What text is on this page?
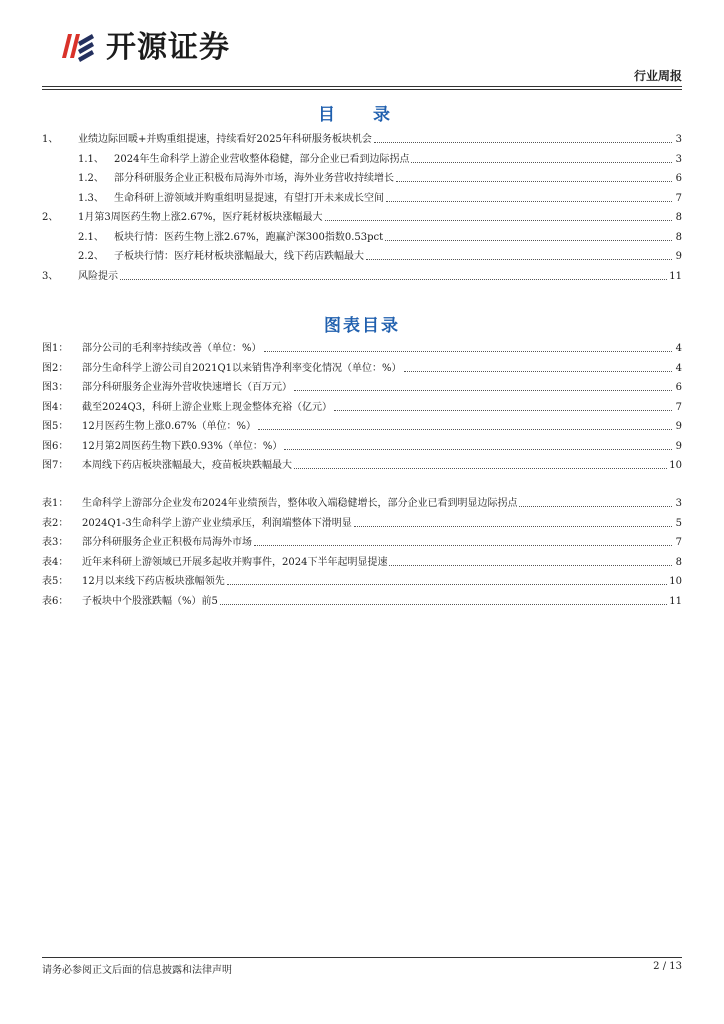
开源证券
行业周报
目 录
1、	业绩边际回暖+并购重组提速，持续看好2025年科研服务板块机会	3
1.1、	2024年生命科学上游企业营收整体稳健，部分企业已看到边际拐点	3
1.2、	部分科研服务企业正积极布局海外市场，海外业务营收持续增长	6
1.3、	生命科研上游领域并购重组明显提速，有望打开未来成长空间	7
2、	1月第3周医药生物上涨2.67%，医疗耗材板块涨幅最大	8
2.1、	板块行情：医药生物上涨2.67%，跑赢沪深300指数0.53pct	8
2.2、	子板块行情：医疗耗材板块涨幅最大，线下药店跌幅最大	9
3、	风险提示	11
图表目录
图1：	部分公司的毛利率持续改善（单位：%）	4
图2：	部分生命科学上游公司自2021Q1以来销售净利率变化情况（单位：%）	4
图3：	部分科研服务企业海外营收快速增长（百万元）	6
图4：	截至2024Q3，科研上游企业账上现金整体充裕（亿元）	7
图5：	12月医药生物上涨0.67%（单位：%）	9
图6：	12月第2周医药生物下跌0.93%（单位：%）	9
图7：	本周线下药店板块涨幅最大，疫苗板块跌幅最大	10
表1：	生命科学上游部分企业发布2024年业绩预告，整体收入端稳健增长，部分企业已看到明显边际拐点	3
表2：	2024Q1-3生命科学上游产业业绩承压，利润端整体下滑明显	5
表3：	部分科研服务企业正积极布局海外市场	7
表4：	近年来科研上游领域已开展多起收并购事件，2024下半年起明显提速	8
表5：	12月以来线下药店板块涨幅领先	10
表6：	子板块中个股涨跌幅（%）前5	11
请务必参阅正文后面的信息披露和法律声明	2 / 13
